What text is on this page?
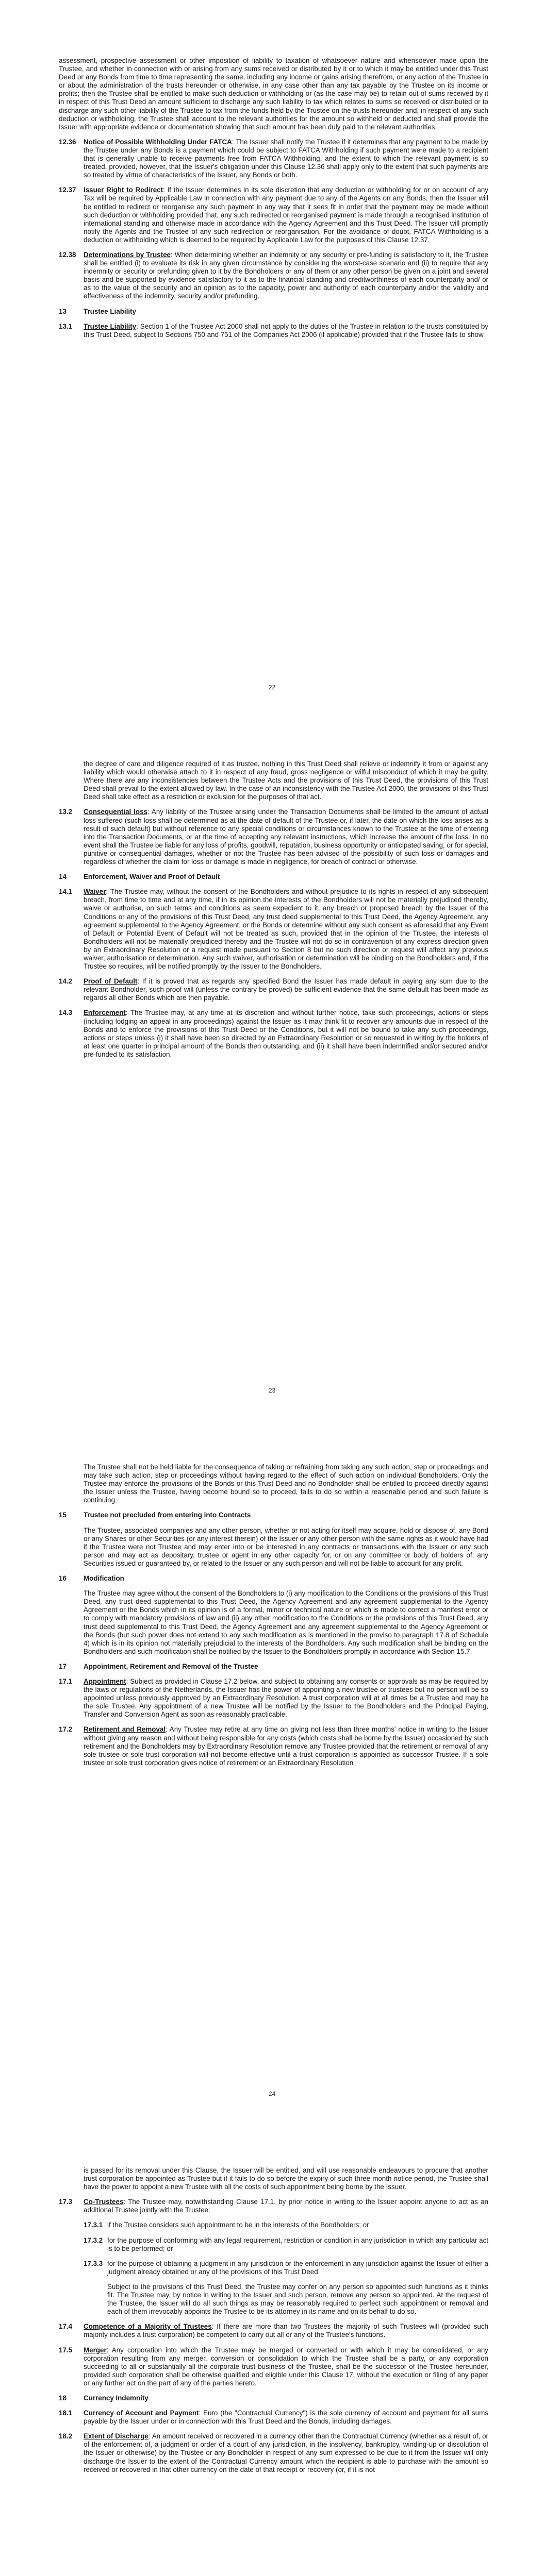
assessment, prospective assessment or other imposition of liability to taxation of whatsoever nature and whensoever made upon the Trustee, and whether in connection with or arising from any sums received or distributed by it or to which it may be entitled under this Trust Deed or any Bonds from time to time representing the same, including any income or gains arising therefrom, or any action of the Trustee in or about the administration of the trusts hereunder or otherwise, in any case other than any tax payable by the Trustee on its income or profits; then the Trustee shall be entitled to make such deduction or withholding or (as the case may be) to retain out of sums received by it in respect of this Trust Deed an amount sufficient to discharge any such liability to tax which relates to sums so received or distributed or to discharge any such other liability of the Trustee to tax from the funds held by the Trustee on the trusts hereunder and, in respect of any such deduction or withholding, the Trustee shall account to the relevant authorities for the amount so withheld or deducted and shall provide the Issuer with appropriate evidence or documentation showing that such amount has been duly paid to the relevant authorities.

12.36	Notice of Possible Withholding Under FATCA: The Issuer shall notify the Trustee if it determines that any payment to be made by the Trustee under any Bonds is a payment which could be subject to FATCA Withholding if such payment were made to a recipient that is generally unable to receive payments free from FATCA Withholding, and the extent to which the relevant payment is so treated, provided, however, that the Issuer's obligation under this Clause 12.36 shall apply only to the extent that such payments are so treated by virtue of characteristics of the Issuer, any Bonds or both.
12.37	Issuer Right to Redirect: If the Issuer determines in its sole discretion that any deduction or withholding for or on account of any Tax will be required by Applicable Law in connection with any payment due to any of the Agents on any Bonds, then the Issuer will be entitled to redirect or reorganise any such payment in any way that it sees fit in order that the payment may be made without such deduction or withholding provided that, any such redirected or reorganised payment is made through a recognised institution of international standing and otherwise made in accordance with the Agency Agreement and this Trust Deed. The Issuer will promptly notify the Agents and the Trustee of any such redirection or reorganisation. For the avoidance of doubt, FATCA Withholding is a deduction or withholding which is deemed to be required by Applicable Law for the purposes of this Clause 12.37.
12.38	Determinations by Trustee: When determining whether an indemnity or any security or pre-funding is satisfactory to it, the Trustee shall be entitled (i) to evaluate its risk in any given circumstance by considering the worst-case scenario and (ii) to require that any indemnity or security or prefunding given to it by the Bondholders or any of them or any other person be given on a joint and several basis and be supported by evidence satisfactory to it as to the financial standing and creditworthiness of each counterparty and/ or as to the value of the security and an opinion as to the capacity, power and authority of each counterparty and/or the validity and effectiveness of the indemnity, security and/or prefunding.
13	Trustee Liability
13.1	Trustee Liability: Section 1 of the Trustee Act 2000 shall not apply to the duties of the Trustee in relation to the trusts constituted by this Trust Deed, subject to Sections 750 and 751 of the Companies Act 2006 (if applicable) provided that if the Trustee fails to show
22

the degree of care and diligence required of it as trustee, nothing in this Trust Deed shall relieve or indemnify it from or against any liability which would otherwise attach to it in respect of any fraud, gross negligence or wilful misconduct of which it may be guilty. Where there are any inconsistencies between the Trustee Acts and the provisions of this Trust Deed, the provisions of this Trust Deed shall prevail to the extent allowed by law. In the case of an inconsistency with the Trustee Act 2000, the provisions of this Trust Deed shall take effect as a restriction or exclusion for the purposes of that act.

13.2	Consequential loss: Any liability of the Trustee arising under the Transaction Documents shall be limited to the amount of actual loss suffered (such loss shall be determined as at the date of default of the Trustee or, if later, the date on which the loss arises as a result of such default) but without reference to any special conditions or circumstances known to the Trustee at the time of entering into the Transaction Documents, or at the time of accepting any relevant instructions, which increase the amount of the loss. In no event shall the Trustee be liable for any loss of profits, goodwill, reputation, business opportunity or anticipated saving, or for special, punitive or consequential damages, whether or not the Trustee has been advised of the possibility of such loss or damages and regardless of whether the claim for loss or damage is made in negligence, for breach of contract or otherwise.
14	Enforcement, Waiver and Proof of Default
14.1	Waiver: The Trustee may, without the consent of the Bondholders and without prejudice to its rights in respect of any subsequent breach, from time to time and at any time, if in its opinion the interests of the Bondholders will not be materially prejudiced thereby, waive or authorise, on such terms and conditions as seem expedient to it, any breach or proposed breach by the Issuer of the Conditions or any of the provisions of this Trust Deed, any trust deed supplemental to this Trust Deed, the Agency Agreement, any agreement supplemental to the Agency Agreement, or the Bonds or determine without any such consent as aforesaid that any Event of Default or Potential Event of Default will not be treated as such, provided that in the opinion of the Trustee, the interests of Bondholders will not be materially prejudiced thereby and the Trustee will not do so in contravention of any express direction given by an Extraordinary Resolution or a request made pursuant to Section 8 but no such direction or request will affect any previous waiver, authorisation or determination. Any such waiver, authorisation or determination will be binding on the Bondholders and, if the Trustee so requires, will be notified promptly by the Issuer to the Bondholders.
14.2	Proof of Default: If it is proved that as regards any specified Bond the Issuer has made default in paying any sum due to the relevant Bondholder, such proof will (unless the contrary be proved) be sufficient evidence that the same default has been made as regards all other Bonds which are then payable.
14.3	Enforcement: The Trustee may, at any time at its discretion and without further notice, take such proceedings, actions or steps (including lodging an appeal in any proceedings) against the Issuer as it may think fit to recover any amounts due in respect of the Bonds and to enforce the provisions of this Trust Deed or the Conditions, but it will not be bound to take any such proceedings, actions or steps unless (i) it shall have been so directed by an Extraordinary Resolution or so requested in writing by the holders of at least one quarter in principal amount of the Bonds then outstanding, and (ii) it shall have been indemnified and/or secured and/or pre-funded to its satisfaction.
23

The Trustee shall not be held liable for the consequence of taking or refraining from taking any such action, step or proceedings and may take such action, step or proceedings without having regard to the effect of such action on individual Bondholders. Only the Trustee may enforce the provisions of the Bonds or this Trust Deed and no Bondholder shall be entitled to proceed directly against the Issuer unless the Trustee, having become bound so to proceed, fails to do so within a reasonable period and such failure is continuing.

15	Trustee not precluded from entering into Contracts

The Trustee, associated companies and any other person, whether or not acting for itself may acquire, hold or dispose of, any Bond or any Shares or other Securities (or any interest therein) of the Issuer or any other person with the same rights as it would have had if the Trustee were not Trustee and may enter into or be interested in any contracts or transactions with the Issuer or any such person and may act as depositary, trustee or agent in any other capacity for, or on any committee or body of holders of, any Securities issued or guaranteed by, or related to the Issuer or any such person and will not be liable to account for any profit.

16	Modification

The Trustee may agree without the consent of the Bondholders to (i) any modification to the Conditions or the provisions of this Trust Deed, any trust deed supplemental to this Trust Deed, the Agency Agreement and any agreement supplemental to the Agency Agreement or the Bonds which in its opinion is of a formal, minor or technical nature or which is made to correct a manifest error or to comply with mandatory provisions of law and (ii) any other modification to the Conditions or the provisions of this Trust Deed, any trust deed supplemental to this Trust Deed, the Agency Agreement and any agreement supplemental to the Agency Agreement or the Bonds (but such power does not extend to any such modification as is mentioned in the proviso to paragraph 17.8 of Schedule 4) which is in its opinion not materially prejudicial to the interests of the Bondholders. Any such modification shall be binding on the Bondholders and such modification shall be notified by the Issuer to the Bondholders promptly in accordance with Section 15.7.

17	Appointment, Retirement and Removal of the Trustee
17.1	Appointment: Subject as provided in Clause 17.2 below, and subject to obtaining any consents or approvals as may be required by the laws or regulations of the Netherlands, the Issuer has the power of appointing a new trustee or trustees but no person will be so appointed unless previously approved by an Extraordinary Resolution. A trust corporation will at all times be a Trustee and may be the sole Trustee. Any appointment of a new Trustee will be notified by the Issuer to the Bondholders and the Principal Paying, Transfer and Conversion Agent as soon as reasonably practicable.
17.2	Retirement and Removal: Any Trustee may retire at any time on giving not less than three months' notice in writing to the Issuer without giving any reason and without being responsible for any costs (which costs shall be borne by the Issuer) occasioned by such retirement and the Bondholders may by Extraordinary Resolution remove any Trustee provided that the retirement or removal of any sole trustee or sole trust corporation will not become effective until a trust corporation is appointed as successor Trustee. If a sole trustee or sole trust corporation gives notice of retirement or an Extraordinary Resolution
24

is passed for its removal under this Clause, the Issuer will be entitled, and will use reasonable endeavours to procure that another trust corporation be appointed as Trustee but if it fails to do so before the expiry of such three month notice period, the Trustee shall have the power to appoint a new Trustee with all the costs of such appointment being borne by the Issuer.

17.3	Co-Trustees: The Trustee may, notwithstanding Clause 17.1, by prior notice in writing to the Issuer appoint anyone to act as an additional Trustee jointly with the Trustee:
17.3.1 if the Trustee considers such appointment to be in the interests of the Bondholders; or
17.3.2 for the purpose of conforming with any legal requirement, restriction or condition in any jurisdiction in which any particular act is to be performed; or
17.3.3 for the purpose of obtaining a judgment in any jurisdiction or the enforcement in any jurisdiction against the Issuer of either a judgment already obtained or any of the provisions of this Trust Deed.

Subject to the provisions of this Trust Deed, the Trustee may confer on any person so appointed such functions as it thinks fit. The Trustee may, by notice in writing to the Issuer and such person, remove any person so appointed. At the request of the Trustee, the Issuer will do all such things as may be reasonably required to perfect such appointment or removal and each of them irrevocably appoints the Trustee to be its attorney in its name and on its behalf to do so.

17.4	Competence of a Majority of Trustees: If there are more than two Trustees the majority of such Trustees will (provided such majority includes a trust corporation) be competent to carry out all or any of the Trustee's functions.
17.5	Merger: Any corporation into which the Trustee may be merged or converted or with which it may be consolidated, or any corporation resulting from any merger, conversion or consolidation to which the Trustee shall be a party, or any corporation succeeding to all or substantially all the corporate trust business of the Trustee, shall be the successor of the Trustee hereunder, provided such corporation shall be otherwise qualified and eligible under this Clause 17, without the execution or filing of any paper or any further act on the part of any of the parties hereto.
18	Currency Indemnity
18.1	Currency of Account and Payment: Euro (the "Contractual Currency") is the sole currency of account and payment for all sums payable by the Issuer under or in connection with this Trust Deed and the Bonds, including damages.
18.2	Extent of Discharge: An amount received or recovered in a currency other than the Contractual Currency (whether as a result of, or of the enforcement of, a judgment or order of a court of any jurisdiction, in the insolvency, bankruptcy, winding-up or dissolution of the Issuer or otherwise) by the Trustee or any Bondholder in respect of any sum expressed to be due to it from the Issuer will only discharge the Issuer to the extent of the Contractual Currency amount which the recipient is able to purchase with the amount so received or recovered in that other currency on the date of that receipt or recovery (or, if it is not
